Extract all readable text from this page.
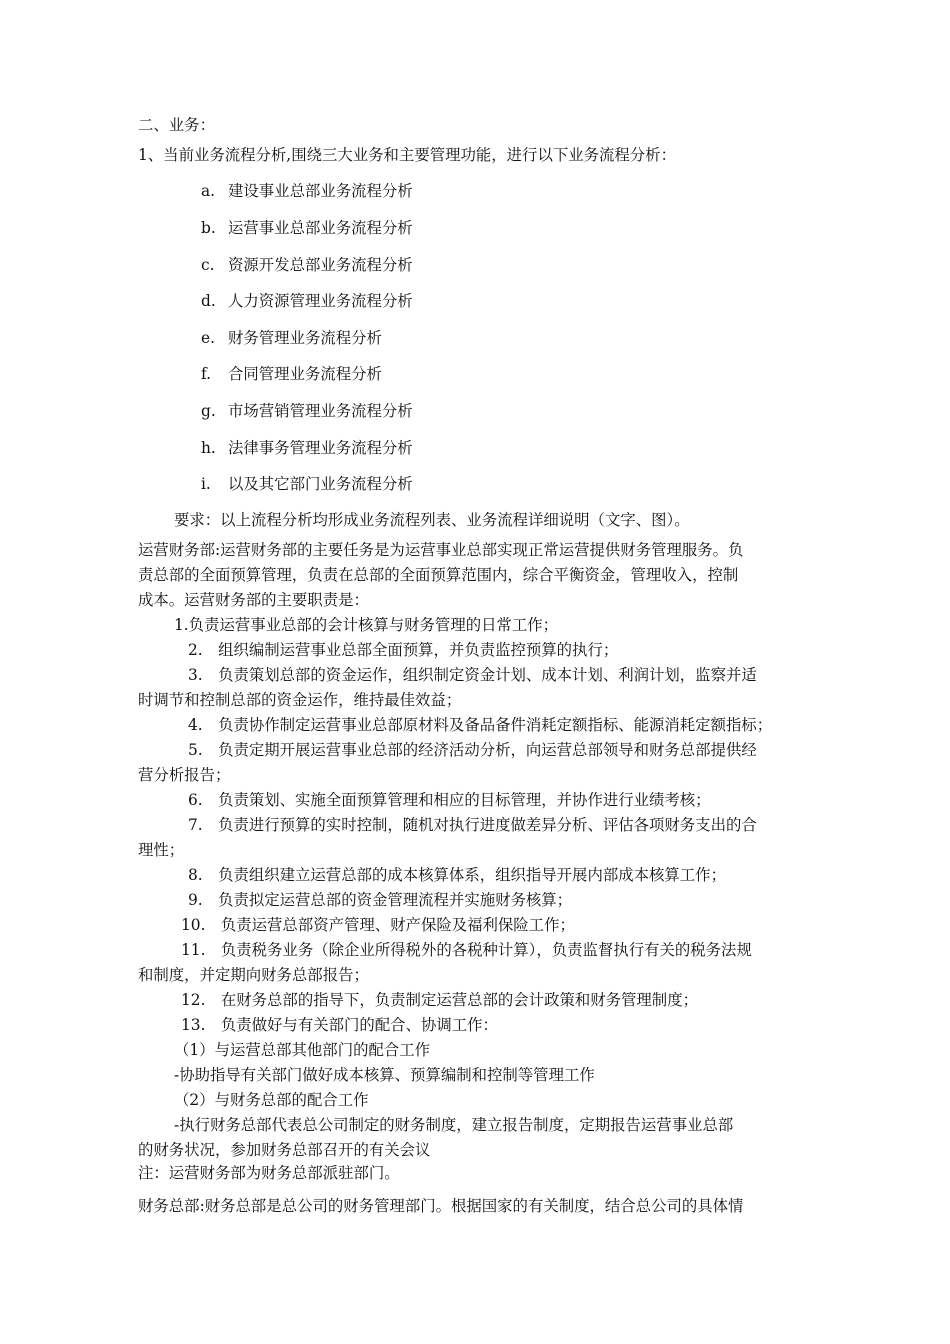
二、业务：
1、当前业务流程分析,围绕三大业务和主要管理功能，进行以下业务流程分析：
a. 建设事业总部业务流程分析
b. 运营事业总部业务流程分析
c. 资源开发总部业务流程分析
d. 人力资源管理业务流程分析
e. 财务管理业务流程分析
f. 合同管理业务流程分析
g. 市场营销管理业务流程分析
h. 法律事务管理业务流程分析
i. 以及其它部门业务流程分析
要求：以上流程分析均形成业务流程列表、业务流程详细说明（文字、图）。
运营财务部:运营财务部的主要任务是为运营事业总部实现正常运营提供财务管理服务。负
责总部的全面预算管理，负责在总部的全面预算范围内，综合平衡资金，管理收入，控制
成本。运营财务部的主要职责是：
1.负责运营事业总部的会计核算与财务管理的日常工作；
2.　组织编制运营事业总部全面预算，并负责监控预算的执行；
3.　负责策划总部的资金运作，组织制定资金计划、成本计划、利润计划，监察并适
时调节和控制总部的资金运作，维持最佳效益；
4.　负责协作制定运营事业总部原材料及备品备件消耗定额指标、能源消耗定额指标；
5.　负责定期开展运营事业总部的经济活动分析，向运营总部领导和财务总部提供经
营分析报告；
6.　负责策划、实施全面预算管理和相应的目标管理，并协作进行业绩考核；
7.　负责进行预算的实时控制，随机对执行进度做差异分析、评估各项财务支出的合
理性；
8.　负责组织建立运营总部的成本核算体系，组织指导开展内部成本核算工作；
9.　负责拟定运营总部的资金管理流程并实施财务核算；
10.　负责运营总部资产管理、财产保险及福利保险工作；
11.　负责税务业务（除企业所得税外的各税种计算），负责监督执行有关的税务法规
和制度，并定期向财务总部报告；
12.　在财务总部的指导下，负责制定运营总部的会计政策和财务管理制度；
13.　负责做好与有关部门的配合、协调工作：
（1）与运营总部其他部门的配合工作
-协助指导有关部门做好成本核算、预算编制和控制等管理工作
（2）与财务总部的配合工作
-执行财务总部代表总公司制定的财务制度，建立报告制度，定期报告运营事业总部
的财务状况，参加财务总部召开的有关会议
注：运营财务部为财务总部派驻部门。
财务总部:财务总部是总公司的财务管理部门。根据国家的有关制度，结合总公司的具体情
